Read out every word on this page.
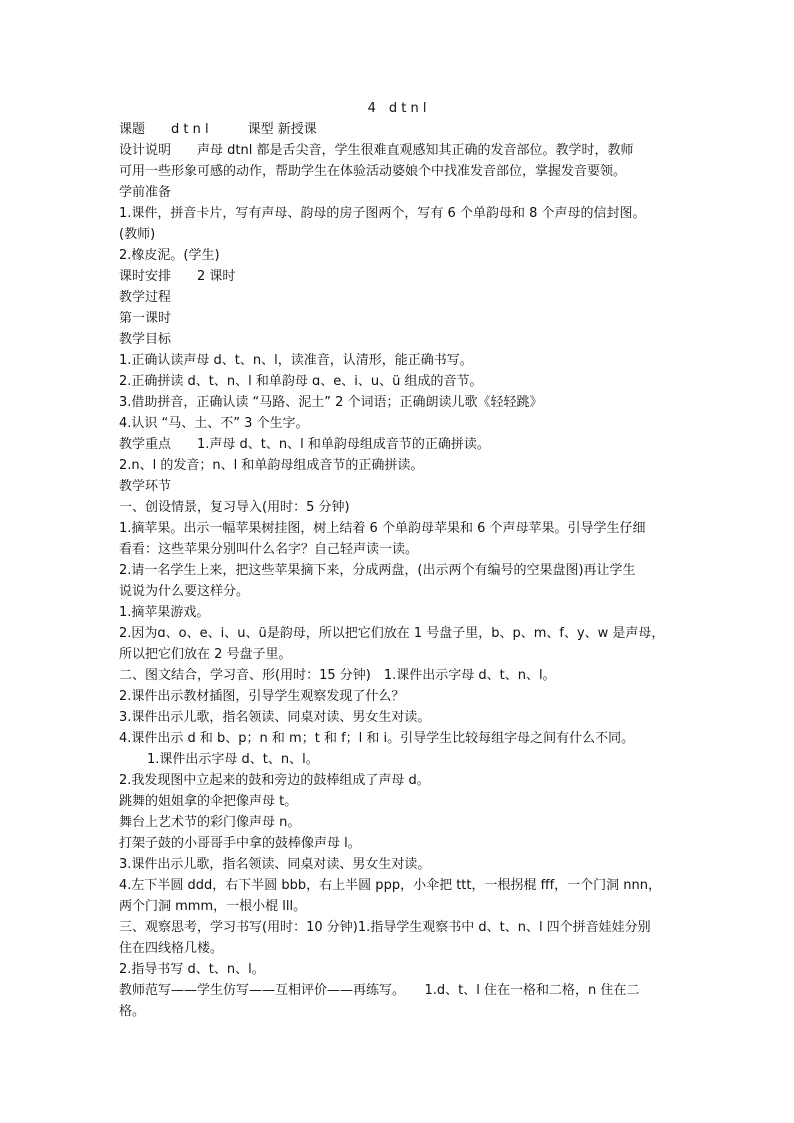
4　d t n l
课题　　d t n l　　　课型 新授课
设计说明　　声母 dtnl 都是舌尖音，学生很难直观感知其正确的发音部位。教学时，教师
可用一些形象可感的动作，帮助学生在体验活动婆娘个中找准发音部位，掌握发音要领。
学前准备
1.课件，拼音卡片，写有声母、韵母的房子图两个，写有 6 个单韵母和 8 个声母的信封图。
(教师)
2.橡皮泥。(学生)
课时安排　　2 课时
教学过程
第一课时
教学目标
1.正确认读声母 d、t、n、l，读准音，认清形，能正确书写。
2.正确拼读 d、t、n、l 和单韵母 ɑ、e、i、u、ü 组成的音节。
3.借助拼音，正确认读 “马路、泥土” 2 个词语；正确朗读儿歌《轻轻跳》
4.认识 “马、土、不” 3 个生字。
教学重点　　1.声母 d、t、n、l 和单韵母组成音节的正确拼读。
2.n、l 的发音；n、l 和单韵母组成音节的正确拼读。
教学环节
一、创设情景，复习导入(用时：5 分钟)
1.摘苹果。出示一幅苹果树挂图，树上结着 6 个单韵母苹果和 6 个声母苹果。引导学生仔细
看看：这些苹果分别叫什么名字？自己轻声读一读。
2.请一名学生上来，把这些苹果摘下来，分成两盘，(出示两个有编号的空果盘图)再让学生
说说为什么要这样分。
1.摘苹果游戏。
2.因为ɑ、o、e、i、u、ü是韵母，所以把它们放在 1 号盘子里，b、p、m、f、y、w 是声母，
所以把它们放在 2 号盘子里。
二、图文结合，学习音、形(用时：15 分钟)　1.课件出示字母 d、t、n、l。
2.课件出示教材插图，引导学生观察发现了什么？
3.课件出示儿歌，指名领读、同桌对读、男女生对读。
4.课件出示 d 和 b、p；n 和 m；t 和 f；l 和 i。引导学生比较每组字母之间有什么不同。
1.课件出示字母 d、t、n、l。
2.我发现图中立起来的鼓和旁边的鼓棒组成了声母 d。
跳舞的姐姐拿的伞把像声母 t。
舞台上艺术节的彩门像声母 n。
打架子鼓的小哥哥手中拿的鼓棒像声母 l。
3.课件出示儿歌，指名领读、同桌对读、男女生对读。
4.左下半圆 ddd，右下半圆 bbb，右上半圆 ppp，小伞把 ttt，一根拐棍 fff，一个门洞 nnn，
两个门洞 mmm，一根小棍 lll。
三、观察思考，学习书写(用时：10 分钟)1.指导学生观察书中 d、t、n、l 四个拼音娃娃分别
住在四线格几楼。
2.指导书写 d、t、n、l。
教师范写——学生仿写——互相评价——再练写。　　1.d、t、l 住在一格和二格，n 住在二
格。
